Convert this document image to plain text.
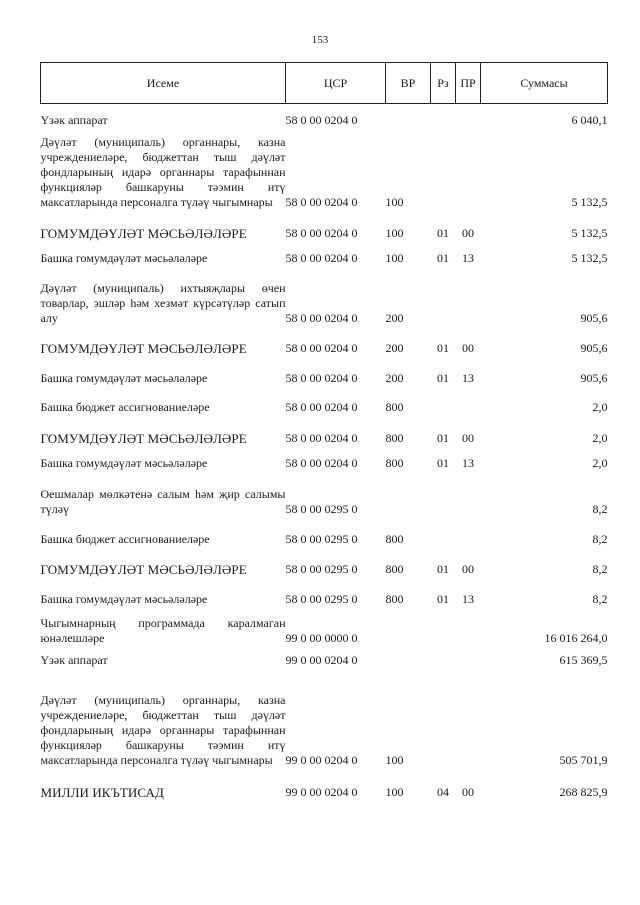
153
Исеме	ЦСР	ВР	Рз	ПР	Суммасы
Үзәк аппарат	58 0 00 0204 0				6 040,1
Дәүләт (муниципаль) органнары, казна учреждениеләре, бюджеттан тыш дәүләт фондларының идарә органнары тарафыннан функцияләр башкаруны тәэмин итү максатларында персоналга түләү чыгымнары	58 0 00 0204 0	100			5 132,5
ГОМУМДӘҮЛӘТ МӘСЬӘЛӘЛӘРЕ	58 0 00 0204 0	100	01	00	5 132,5
Башка гомумдәүләт мәсьәләләре	58 0 00 0204 0	100	01	13	5 132,5
Дәүләт (муниципаль) ихтыяҗлары өчен товарлар, эшләр һәм хезмәт күрсәтүләр сатып алу	58 0 00 0204 0	200			905,6
ГОМУМДӘҮЛӘТ МӘСЬӘЛӘЛӘРЕ	58 0 00 0204 0	200	01	00	905,6
Башка гомумдәүләт мәсьәләләре	58 0 00 0204 0	200	01	13	905,6
Башка бюджет ассигнованиеләре	58 0 00 0204 0	800			2,0
ГОМУМДӘҮЛӘТ МӘСЬӘЛӘЛӘРЕ	58 0 00 0204 0	800	01	00	2,0
Башка гомумдәүләт мәсьәләләре	58 0 00 0204 0	800	01	13	2,0
Оешмалар мөлкәтенә салым һәм җир салымы түләү	58 0 00 0295 0				8,2
Башка бюджет ассигнованиеләре	58 0 00 0295 0	800			8,2
ГОМУМДӘҮЛӘТ МӘСЬӘЛӘЛӘРЕ	58 0 00 0295 0	800	01	00	8,2
Башка гомумдәүләт мәсьәләләре	58 0 00 0295 0	800	01	13	8,2
Чыгымнарның программада каралмаган юнәлешләре	99 0 00 0000 0				16 016 264,0
Үзәк аппарат	99 0 00 0204 0				615 369,5
Дәүләт (муниципаль) органнары, казна учреждениеләре, бюджеттан тыш дәүләт фондларының идарә органнары тарафыннан функцияләр башкаруны тәэмин итү максатларында персоналга түләү чыгымнары	99 0 00 0204 0	100			505 701,9
МИЛЛИ ИКЪТИСАД	99 0 00 0204 0	100	04	00	268 825,9
